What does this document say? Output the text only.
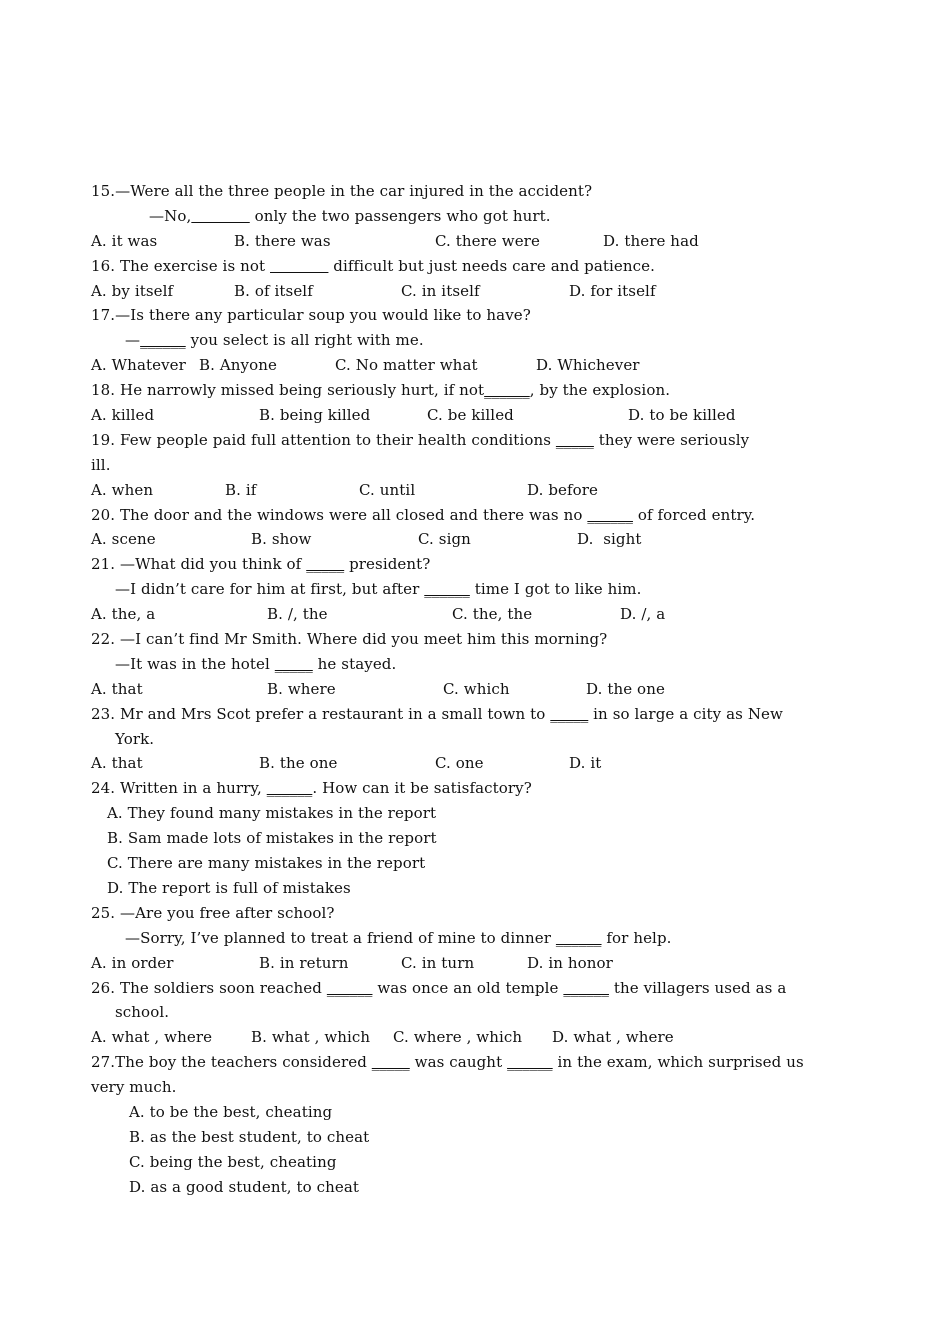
15.—Were all the three people in the car injured in the accident?
—No,	only the two passengers who got hurt.
A. it was	B. there was	C. there were	D. there had
16. The exercise is not	difficult but just needs care and patience.
A. by itself	B. of itself	C. in itself	D. for itself
17.—Is there any particular soup you would like to have?
—______ you select is all right with me.
A. Whatever B. Anyone	C. No matter what	D. Whichever
18. He narrowly missed being seriously hurt, if not______, by the explosion.
A. killed	B. being killed	C. be killed	D. to be killed
19. Few people paid full attention to their health conditions _____ they were seriously
ill.
A. when	B. if	C. until	D. before
20. The door and the windows were all closed and there was no ______ of forced entry.
A. scene	B. show	C. sign	D.  sight
21. —What did you think of _____ president?
—I didn’t care for him at first, but after ______ time I got to like him.
A. the, a	B. /, the	C. the, the	D. /, a
22. —I can’t find Mr Smith. Where did you meet him this morning?
—It was in the hotel _____ he stayed.
A. that	B. where	C. which	D. the one
23. Mr and Mrs Scot prefer a restaurant in a small town to _____ in so large a city as New
York.
A. that	B. the one	C. one	D. it
24. Written in a hurry, ______. How can it be satisfactory?
A. They found many mistakes in the report
B. Sam made lots of mistakes in the report
C. There are many mistakes in the report
D. The report is full of mistakes
25. —Are you free after school?
—Sorry, I’ve planned to treat a friend of mine to dinner ______ for help.
A. in order	B. in return	C. in turn	D. in honor
26. The soldiers soon reached ______ was once an old temple ______ the villagers used as a
school.
A. what , where	B. what , which C. where , which D. what , where
27.The boy the teachers considered _____ was caught ______ in the exam, which surprised us
very much.
A. to be the best, cheating
B. as the best student, to cheat
C. being the best, cheating
D. as a good student, to cheat
